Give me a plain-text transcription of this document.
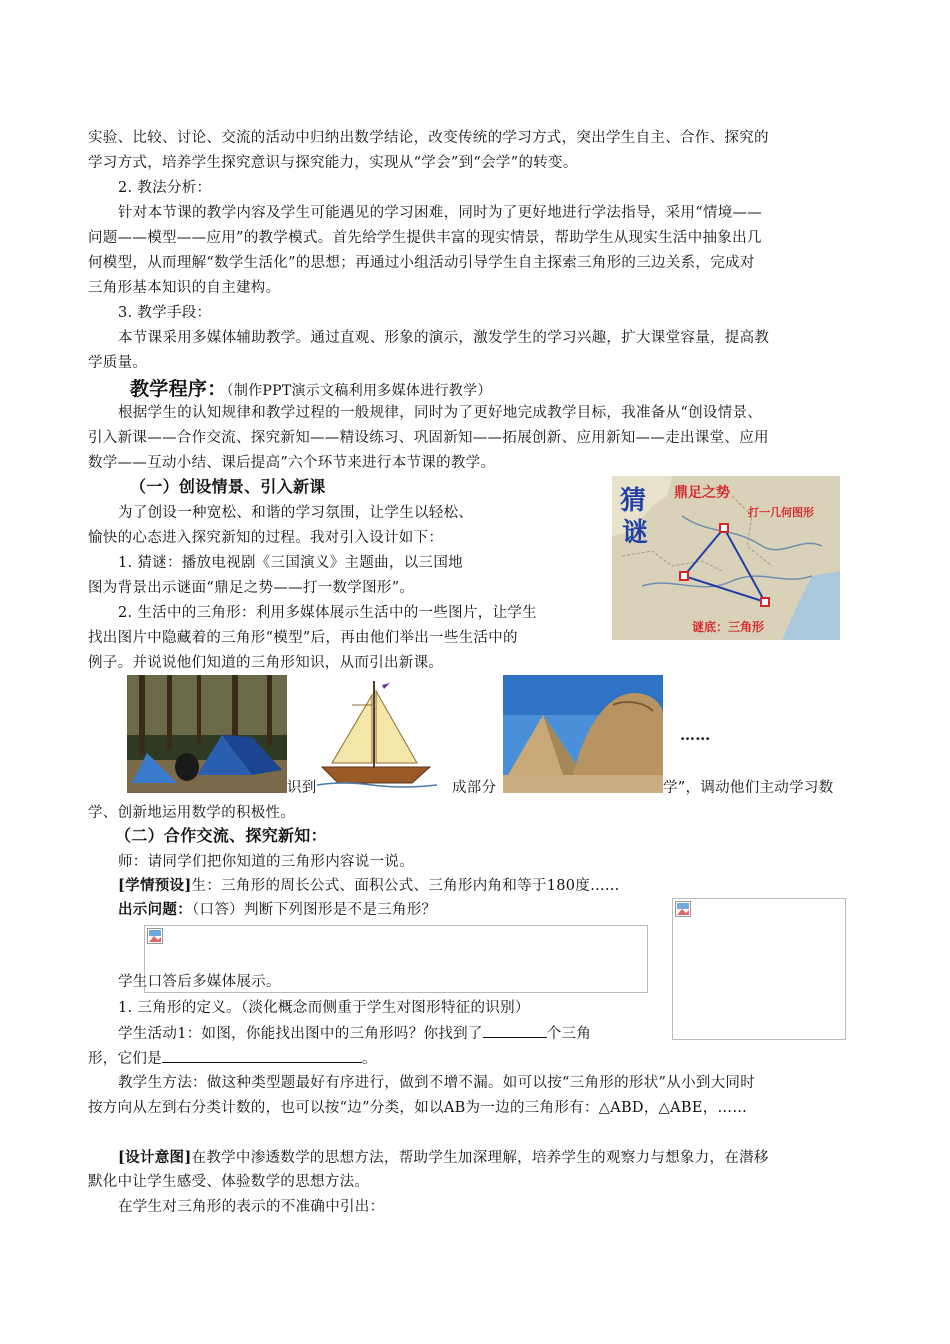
实验、比较、讨论、交流的活动中归纳出数学结论，改变传统的学习方式，突出学生自主、合作、探究的
学习方式，培养学生探究意识与探究能力，实现从“学会”到“会学”的转变。
2. 教法分析：
针对本节课的教学内容及学生可能遇见的学习困难，同时为了更好地进行学法指导，采用“情境——
问题——模型——应用”的教学模式。首先给学生提供丰富的现实情景，帮助学生从现实生活中抽象出几
何模型，从而理解“数学生活化”的思想；再通过小组活动引导学生自主探索三角形的三边关系，完成对
三角形基本知识的自主建构。
3. 教学手段：
本节课采用多媒体辅助教学。通过直观、形象的演示，激发学生的学习兴趣，扩大课堂容量，提高教
学质量。
教学程序：（制作PPT演示文稿利用多媒体进行教学）
根据学生的认知规律和教学过程的一般规律，同时为了更好地完成教学目标，我准备从“创设情景、
引入新课——合作交流、探究新知——精设练习、巩固新知——拓展创新、应用新知——走出课堂、应用
数学——互动小结、课后提高”六个环节来进行本节课的教学。
（一）创设情景、引入新课
为了创设一种宽松、和谐的学习氛围，让学生以轻松、
愉快的心态进入探究新知的过程。我对引入设计如下：
1. 猜谜：播放电视剧《三国演义》主题曲，以三国地
图为背景出示谜面“鼎足之势——打一数学图形”。
2. 生活中的三角形：利用多媒体展示生活中的一些图片，让学生
找出图片中隐藏着的三角形“模型”后，再由他们举出一些生活中的
例子。并说说他们知道的三角形知识，从而引出新课。
猜
谜
鼎足之势
打一几何图形
谜底：三角形
……
识到	成部分	学”，调动他们主动学习数
学、创新地运用数学的积极性。
（二）合作交流、探究新知：
师：请同学们把你知道的三角形内容说一说。
[学情预设]生：三角形的周长公式、面积公式、三角形内角和等于180度……
出示问题：（口答）判断下列图形是不是三角形？
学生口答后多媒体展示。
1. 三角形的定义。（淡化概念而侧重于学生对图形特征的识别）
学生活动1：如图，你能找出图中的三角形吗？你找到了	个三角
形，它们是	。
教学生方法：做这种类型题最好有序进行，做到不增不漏。如可以按“三角形的形状”从小到大同时
按方向从左到右分类计数的，也可以按“边”分类，如以AB为一边的三角形有：△ABD，△ABE，……
[设计意图]在教学中渗透数学的思想方法，帮助学生加深理解，培养学生的观察力与想象力，在潜移
默化中让学生感受、体验数学的思想方法。
在学生对三角形的表示的不准确中引出：
